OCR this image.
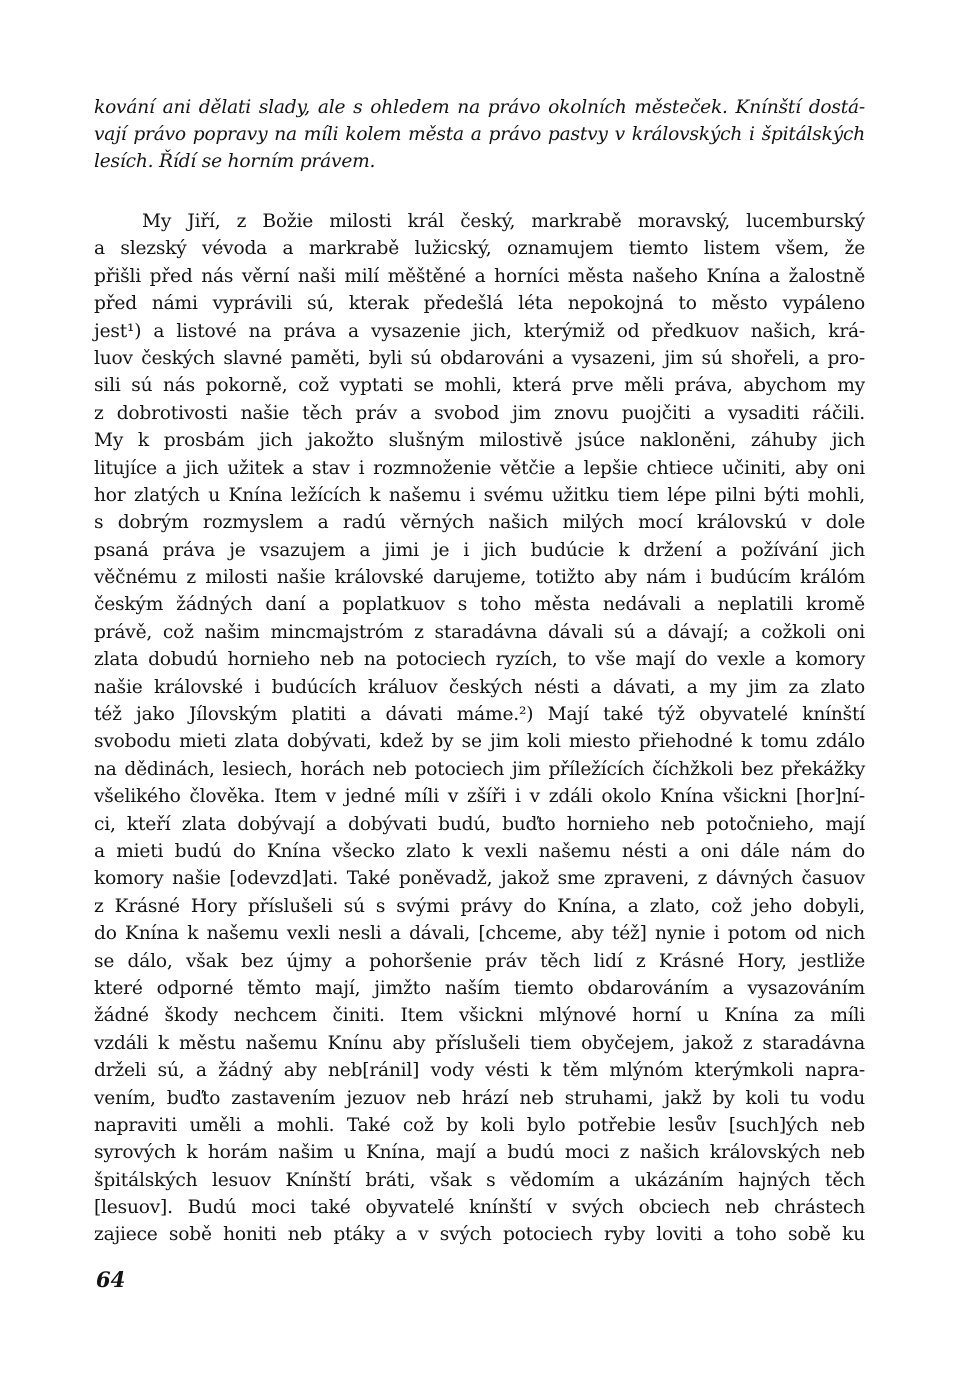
kování ani dělati slady, ale s ohledem na právo okolních městeček. Knínští dostá-
vají právo popravy na míli kolem města a právo pastvy v královských i špitálských
lesích. Řídí se horním právem.
My Jiří, z Božie milosti král český, markrabě moravský, lucemburský
a slezský vévoda a markrabě lužicský, oznamujem tiemto listem všem, že
přišli před nás věrní naši milí měštěné a horníci města našeho Knína a žalostně
před námi vyprávili sú, kterak předešlá léta nepokojná to město vypáleno
jest¹) a listové na práva a vysazenie jich, kterýmiž od předkuov našich, krá-
luov českých slavné paměti, byli sú obdarováni a vysazeni, jim sú shořeli, a pro-
sili sú nás pokorně, což vyptati se mohli, která prve měli práva, abychom my
z dobrotivosti našie těch práv a svobod jim znovu puojčiti a vysaditi ráčili.
My k prosbám jich jakožto slušným milostivě jsúce nakloněni, záhuby jich
litujíce a jich užitek a stav i rozmnoženie větčie a lepšie chtiece učiniti, aby oni
hor zlatých u Knína ležících k našemu i svému užitku tiem lépe pilni býti mohli,
s dobrým rozmyslem a radú věrných našich milých mocí královskú v dole
psaná práva je vsazujem a jimi je i jich budúcie k držení a požívání jich
věčnému z milosti našie královské darujeme, totižto aby nám i budúcím králóm
českým žádných daní a poplatkuov s toho města nedávali a neplatili kromě
právě, což našim mincmajstróm z staradávna dávali sú a dávají; a cožkoli oni
zlata dobudú hornieho neb na potociech ryzích, to vše mají do vexle a komory
našie královské i budúcích králuov českých nésti a dávati, a my jim za zlato
též jako Jílovským platiti a dávati máme.²) Mají také týž obyvatelé knínští
svobodu mieti zlata dobývati, kdež by se jim koli miesto přiehodné k tomu zdálo
na dědinách, lesiech, horách neb potociech jim příležících číchžkoli bez překážky
všelikého člověka. Item v jedné míli v zšíři i v zdáli okolo Knína všickni [hor]ní-
ci, kteří zlata dobývají a dobývati budú, buďto hornieho neb potočnieho, mají
a mieti budú do Knína všecko zlato k vexli našemu nésti a oni dále nám do
komory našie [odevzd]ati. Také poněvadž, jakož sme zpraveni, z dávných časuov
z Krásné Hory příslušeli sú s svými právy do Knína, a zlato, což jeho dobyli,
do Knína k našemu vexli nesli a dávali, [chceme, aby též] nynie i potom od nich
se dálo, však bez újmy a pohoršenie práv těch lidí z Krásné Hory, jestliže
které odporné těmto mají, jimžto naším tiemto obdarováním a vysazováním
žádné škody nechcem činiti. Item všickni mlýnové horní u Knína za míli
vzdáli k městu našemu Knínu aby příslušeli tiem obyčejem, jakož z staradávna
drželi sú, a žádný aby neb[ránil] vody vésti k těm mlýnóm kterýmkoli naprа-
vením, buďto zastavením jezuov neb hrází neb struhami, jakž by koli tu vodu
napraviti uměli a mohli. Také což by koli bylo potřebie lesův [such]ých neb
syrových k horám našim u Knína, mají a budú moci z našich královských neb
špitálských lesuov Knínští bráti, však s vědomím a ukázáním hajných těch
[lesuov]. Budú moci také obyvatelé knínští v svých obciech neb chrástech
zajiece sobě honiti neb ptáky a v svých potociech ryby loviti a toho sobě ku
64
